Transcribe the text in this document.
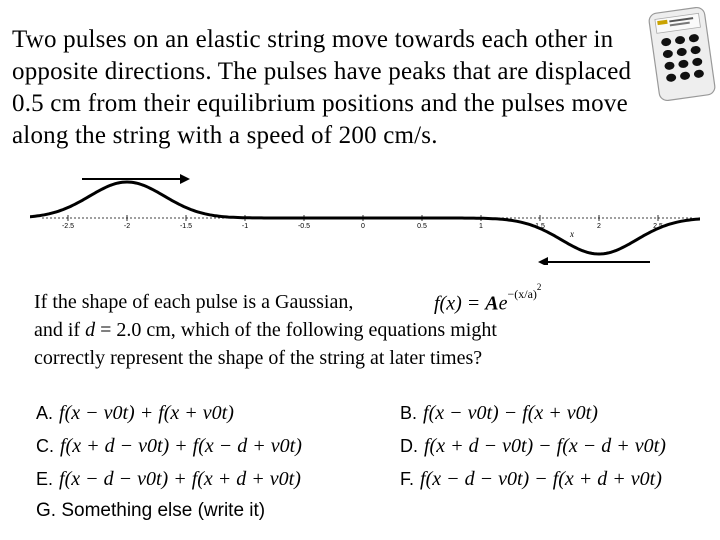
Two pulses on an elastic string move towards each other in opposite directions. The pulses have peaks that are displaced 0.5 cm from their equilibrium positions and the pulses move along the string with a speed of 200 cm/s.
-2.5	-2	-1.5	-1	-0.5	0	0.5	1	1.5	2	2.5
x
If the shape of each pulse is a Gaussian,
and if d = 2.0 cm, which of the following equations might
correctly represent the shape of the string at later times?
$f(x) = Ae^{-(x/a)^2}$
A. f(x − v0t) + f(x + v0t)	B. f(x − v0t) − f(x + v0t)
C. f(x + d − v0t) + f(x − d + v0t)	D. f(x + d − v0t) − f(x − d + v0t)
E. f(x − d − v0t) + f(x + d + v0t)	F. f(x − d − v0t) − f(x + d + v0t)
G. Something else (write it)
